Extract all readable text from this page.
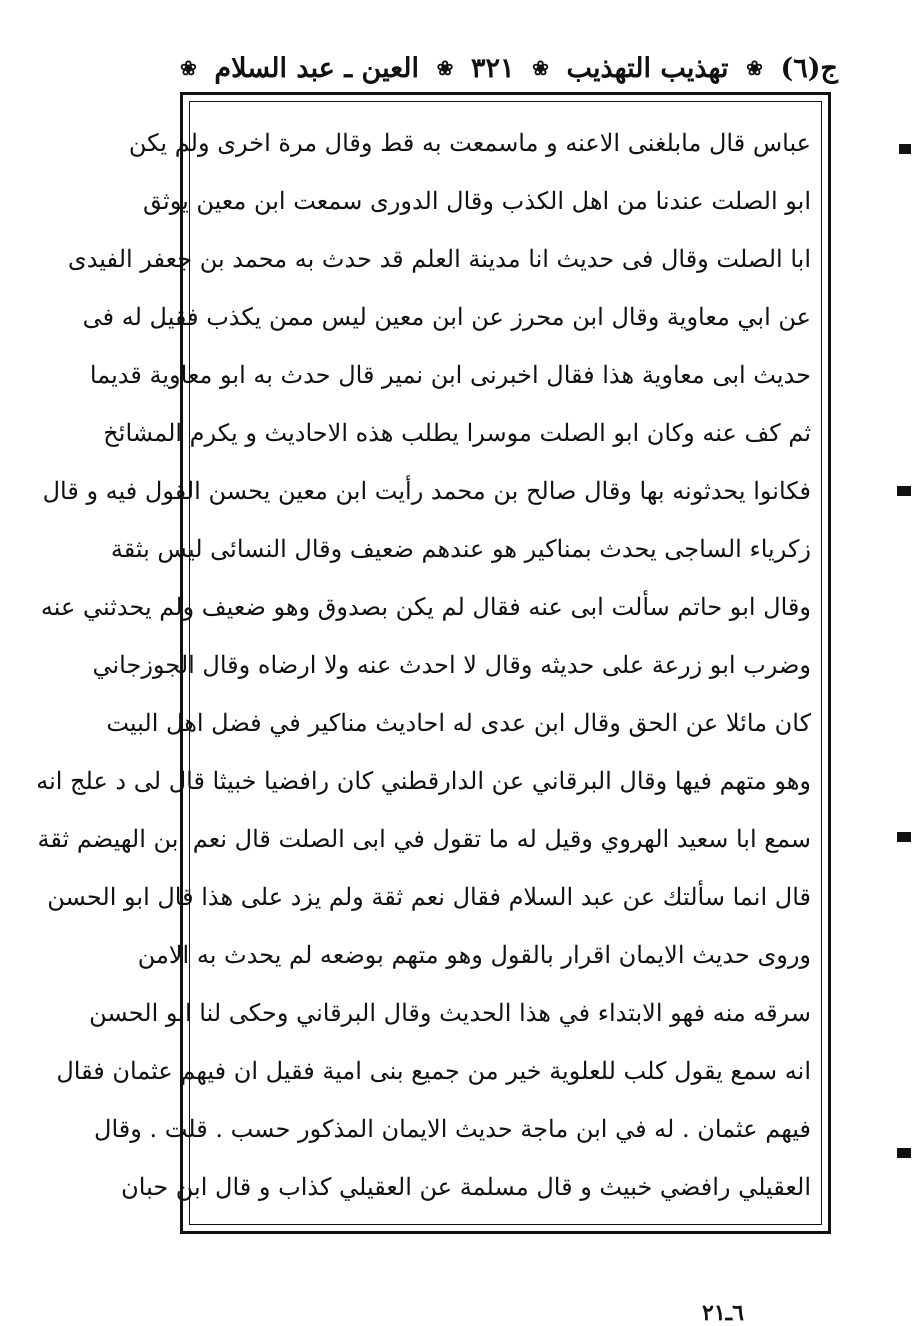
ج(٦)
❀
تهذيب التهذيب
❀
٣٢١
❀
العين ـ عبد السلام
❀
عباس قال مابلغنى الاعنه و ماسمعت به قط وقال مرة اخرى ولم يكن
ابو الصلت عندنا من اهل الكذب وقال الدورى سمعت ابن معين يوثق
ابا الصلت وقال فى حديث انا مدينة العلم قد حدث به محمد بن جعفر الفيدى
عن ابي معاوية وقال ابن محرز عن ابن معين ليس ممن يكذب فقيل له فى
حديث ابى معاوية هذا فقال اخبرنى ابن نمير قال حدث به ابو معاوية قديما
ثم كف عنه وكان ابو الصلت موسرا يطلب هذه الاحاديث و يكرم المشائخ
فكانوا يحدثونه بها وقال صالح بن محمد رأيت ابن معين يحسن القول فيه و قال
زكرياء الساجى يحدث بمناكير هو عندهم ضعيف وقال النسائى ليس بثقة
وقال ابو حاتم سألت ابى عنه فقال لم يكن بصدوق وهو ضعيف ولم يحدثني عنه
وضرب ابو زرعة على حديثه وقال لا احدث عنه ولا ارضاه وقال الجوزجاني
كان مائلا عن الحق وقال ابن عدى له احاديث مناكير في فضل اهل البيت
وهو متهم فيها وقال البرقاني عن الدارقطني كان رافضيا خبيثا قال لى د علج انه
سمع ابا سعيد الهروي وقيل له ما تقول في ابى الصلت قال نعم ابن الهيضم ثقة
قال انما سألتك عن عبد السلام فقال نعم ثقة ولم يزد على هذا قال ابو الحسن
وروى حديث الايمان اقرار بالقول وهو متهم بوضعه لم يحدث به الامن
سرقه منه فهو الابتداء في هذا الحديث وقال البرقاني وحكى لنا ابو الحسن
انه سمع يقول كلب للعلوية خير من جميع بنى امية فقيل ان فيهم عثمان فقال
فيهم عثمان . له في ابن ماجة حديث الايمان المذكور حسب . قلت . وقال
العقيلي رافضي خبيث و قال مسلمة عن العقيلي كذاب و قال ابن حبان
٦ـ٢١
